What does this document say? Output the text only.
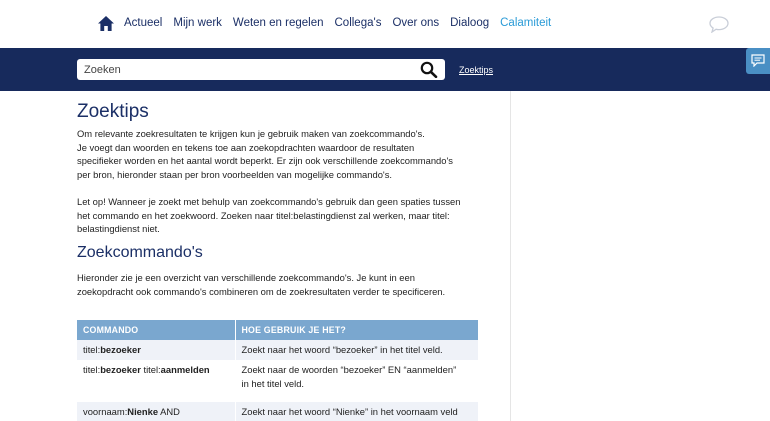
Actueel Mijn werk Weten en regelen Collega's Over ons Dialoog Calamiteit
Zoeken
Zoektips
Zoektips
Om relevante zoekresultaten te krijgen kun je gebruik maken van zoekcommando's.
Je voegt dan woorden en tekens toe aan zoekopdrachten waardoor de resultaten
specifieker worden en het aantal wordt beperkt. Er zijn ook verschillende zoekcommando's
per bron, hieronder staan per bron voorbeelden van mogelijke commando's.
Let op! Wanneer je zoekt met behulp van zoekcommando's gebruik dan geen spaties tussen
het commando en het zoekwoord. Zoeken naar titel:belastingdienst zal werken, maar titel:
belastingdienst niet.
Zoekcommando's
Hieronder zie je een overzicht van verschillende zoekcommando's. Je kunt in een
zoekopdracht ook commando's combineren om de zoekresultaten verder te specificeren.
COMMANDO	HOE GEBRUIK JE HET?
titel:bezoeker	Zoekt naar het woord “bezoeker” in het titel veld.
titel:bezoeker titel:aanmelden	Zoekt naar de woorden “bezoeker” EN “aanmelden”
in het titel veld.
voornaam:Nienke AND	Zoekt naar het woord “Nienke” in het voornaam veld
